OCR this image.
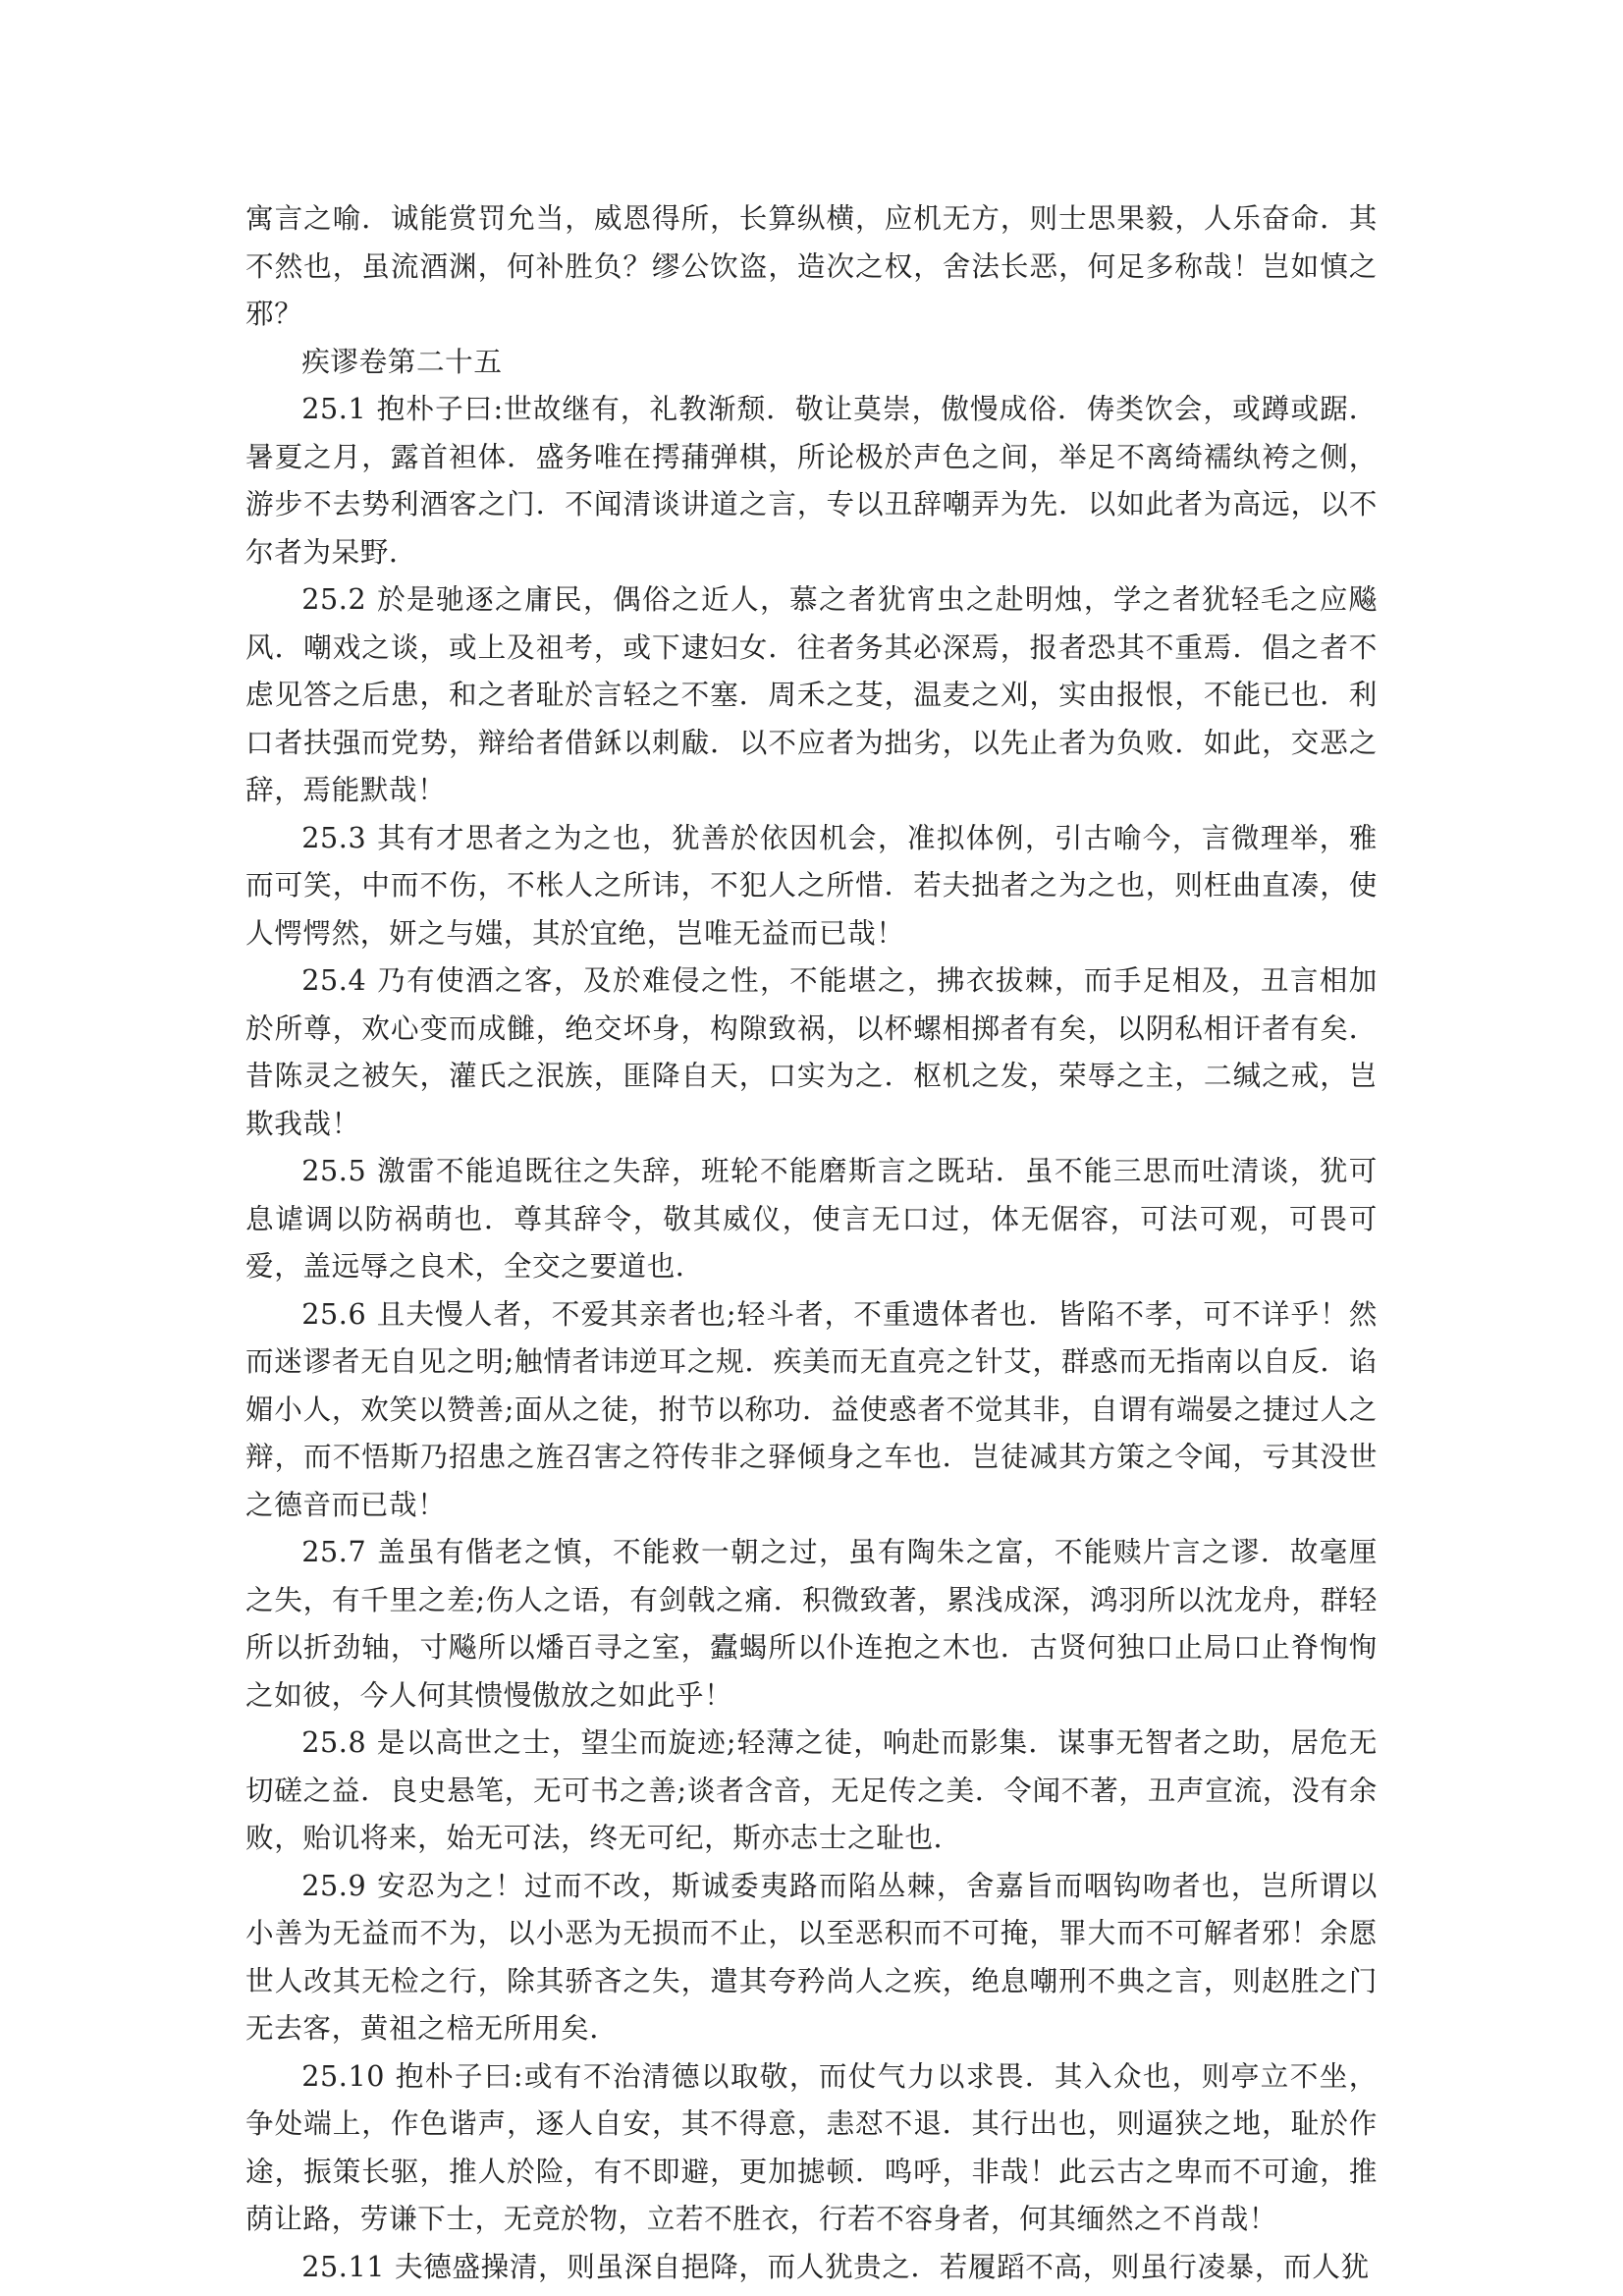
寓言之喻．诚能赏罚允当，威恩得所，长算纵横，应机无方，则士思果毅，人乐奋命．其不然也，虽流酒渊，何补胜负？缪公饮盗，造次之权，舍法长恶，何足多称哉！岂如慎之邪？

疾谬卷第二十五

25.1 抱朴子曰:世故继有，礼教渐颓．敬让莫崇，傲慢成俗．俦类饮会，或蹲或踞．暑夏之月，露首袒体．盛务唯在摴蒱弹棋，所论极於声色之间，举足不离绮襦纨袴之侧，游步不去势利酒客之门．不闻清谈讲道之言，专以丑辞嘲弄为先．以如此者为高远，以不尔者为呆野．

25.2 於是驰逐之庸民，偶俗之近人，慕之者犹宵虫之赴明烛，学之者犹轻毛之应飚风．嘲戏之谈，或上及祖考，或下逮妇女．往者务其必深焉，报者恐其不重焉．倡之者不虑见答之后患，和之者耻於言轻之不塞．周禾之芟，温麦之刈，实由报恨，不能已也．利口者扶强而党势，辩给者借鉌以刺瞂．以不应者为拙劣，以先止者为负败．如此，交恶之辞，焉能默哉！

25.3 其有才思者之为之也，犹善於依因机会，准拟体例，引古喻今，言微理举，雅而可笑，中而不伤，不枨人之所讳，不犯人之所惜．若夫拙者之为之也，则枉曲直凑，使人愕愕然，妍之与媸，其於宜绝，岂唯无益而已哉！

25.4 乃有使酒之客，及於难侵之性，不能堪之，拂衣拔棘，而手足相及，丑言相加於所尊，欢心变而成雠，绝交坏身，构隙致祸，以杯螺相掷者有矣，以阴私相讦者有矣．昔陈灵之被矢，灌氏之泯族，匪降自天，口实为之．枢机之发，荣辱之主，二缄之戒，岂欺我哉！

25.5 激雷不能追既往之失辞，班轮不能磨斯言之既玷．虽不能三思而吐清谈，犹可息谑调以防祸萌也．尊其辞令，敬其威仪，使言无口过，体无倨容，可法可观，可畏可爱，盖远辱之良术，全交之要道也．

25.6 且夫慢人者，不爱其亲者也;轻斗者，不重遗体者也．皆陷不孝，可不详乎！然而迷谬者无自见之明;触情者讳逆耳之规．疾美而无直亮之针艾，群惑而无指南以自反．谄媚小人，欢笑以赞善;面从之徒，拊节以称功．益使惑者不觉其非，自谓有端晏之捷过人之辩，而不悟斯乃招患之旌召害之符传非之驿倾身之车也．岂徒减其方策之令闻，亏其没世之德音而已哉！

25.7 盖虽有偕老之慎，不能救一朝之过，虽有陶朱之富，不能赎片言之谬．故毫厘之失，有千里之差;伤人之语，有剑戟之痛．积微致著，累浅成深，鸿羽所以沈龙舟，群轻所以折劲轴，寸飚所以燔百寻之室，蠹蝎所以仆连抱之木也．古贤何独口止局口止脊恂恂之如彼，今人何其愦慢傲放之如此乎！

25.8 是以高世之士，望尘而旋迹;轻薄之徒，响赴而影集．谋事无智者之助，居危无切磋之益．良史悬笔，无可书之善;谈者含音，无足传之美．令闻不著，丑声宣流，没有余败，贻讥将来，始无可法，终无可纪，斯亦志士之耻也．

25.9 安忍为之！过而不改，斯诚委夷路而陷丛棘，舍嘉旨而咽钩吻者也，岂所谓以小善为无益而不为，以小恶为无损而不止，以至恶积而不可掩，罪大而不可解者邪！余愿世人改其无检之行，除其骄吝之失，遣其夸矜尚人之疾，绝息嘲刑不典之言，则赵胜之门无去客，黄祖之棓无所用矣．

25.10 抱朴子曰:或有不治清德以取敬，而仗气力以求畏．其入众也，则亭立不坐，争处端上，作色谐声，逐人自安，其不得意，恚怼不退．其行出也，则逼狭之地，耻於作途，振策长驱，推人於险，有不即避，更加摅顿．鸣呼，非哉！此云古之卑而不可逾，推荫让路，劳谦下士，无竞於物，立若不胜衣，行若不容身者，何其缅然之不肖哉！

25.11 夫德盛操清，则虽深自挹降，而人犹贵之．若履蹈不高，则虽行凌暴，而人犹
